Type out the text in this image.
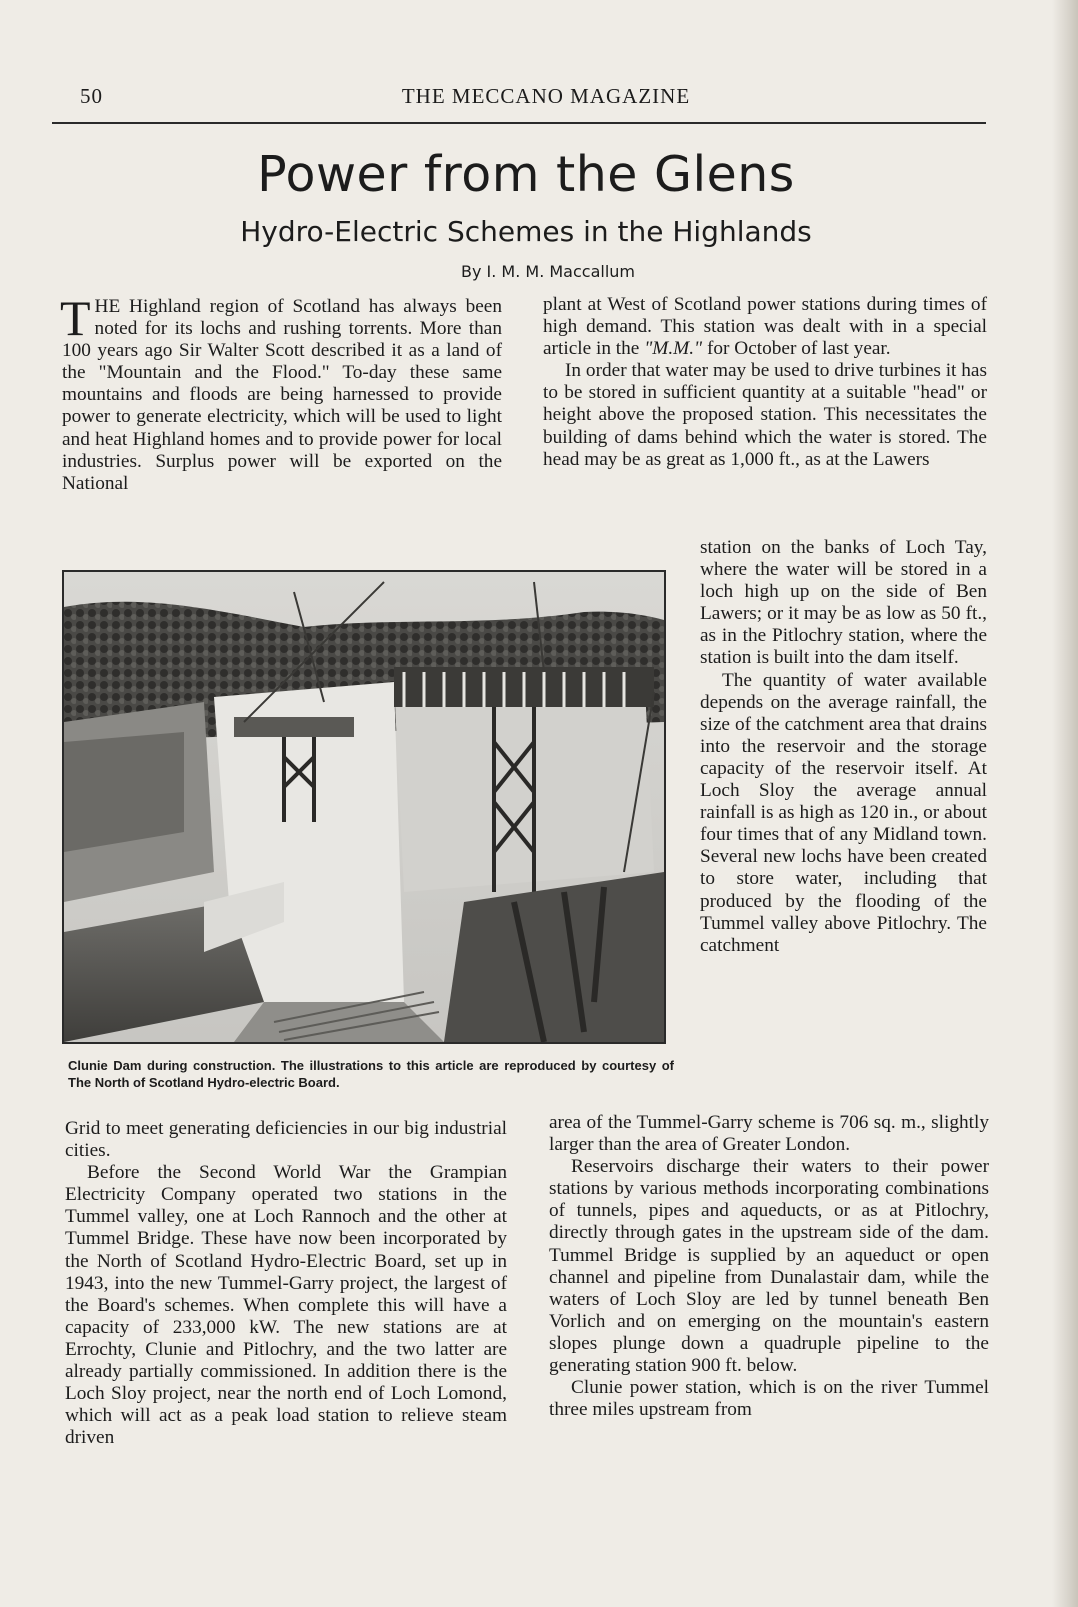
50	THE MECCANO MAGAZINE
Power from the Glens
Hydro-Electric Schemes in the Highlands
By I. M. M. Maccallum

THE Highland region of Scotland has always been noted for its lochs and rushing torrents. More than 100 years ago Sir Walter Scott described it as a land of the "Mountain and the Flood." To-day these same mountains and floods are being harnessed to provide power to generate electricity, which will be used to light and heat Highland homes and to provide power for local industries. Surplus power will be exported on the National

plant at West of Scotland power stations during times of high demand. This station was dealt with in a special article in the "M.M." for October of last year.

In order that water may be used to drive turbines it has to be stored in sufficient quantity at a suitable "head" or height above the proposed station. This necessitates the building of dams behind which the water is stored. The head may be as great as 1,000 ft., as at the Lawers

station on the banks of Loch Tay, where the water will be stored in a loch high up on the side of Ben Lawers; or it may be as low as 50 ft., as in the Pitlochry station, where the station is built into the dam itself.

The quantity of water available depends on the average rainfall, the size of the catchment area that drains into the reservoir and the storage capacity of the reservoir itself. At Loch Sloy the average annual rainfall is as high as 120 in., or about four times that of any Midland town. Several new lochs have been created to store water, including that produced by the flooding of the Tummel valley above Pitlochry. The catchment

Clunie Dam during construction. The illustrations to this article are reproduced by courtesy of The North of Scotland Hydro-electric Board.

Grid to meet generating deficiencies in our big industrial cities.

Before the Second World War the Grampian Electricity Company operated two stations in the Tummel valley, one at Loch Rannoch and the other at Tummel Bridge. These have now been incorporated by the North of Scotland Hydro-Electric Board, set up in 1943, into the new Tummel-Garry project, the largest of the Board's schemes. When complete this will have a capacity of 233,000 kW. The new stations are at Errochty, Clunie and Pitlochry, and the two latter are already partially commissioned. In addition there is the Loch Sloy project, near the north end of Loch Lomond, which will act as a peak load station to relieve steam driven

area of the Tummel-Garry scheme is 706 sq. m., slightly larger than the area of Greater London.

Reservoirs discharge their waters to their power stations by various methods incorporating combinations of tunnels, pipes and aqueducts, or as at Pitlochry, directly through gates in the upstream side of the dam. Tummel Bridge is supplied by an aqueduct or open channel and pipeline from Dunalastair dam, while the waters of Loch Sloy are led by tunnel beneath Ben Vorlich and on emerging on the mountain's eastern slopes plunge down a quadruple pipeline to the generating station 900 ft. below.

Clunie power station, which is on the river Tummel three miles upstream from
